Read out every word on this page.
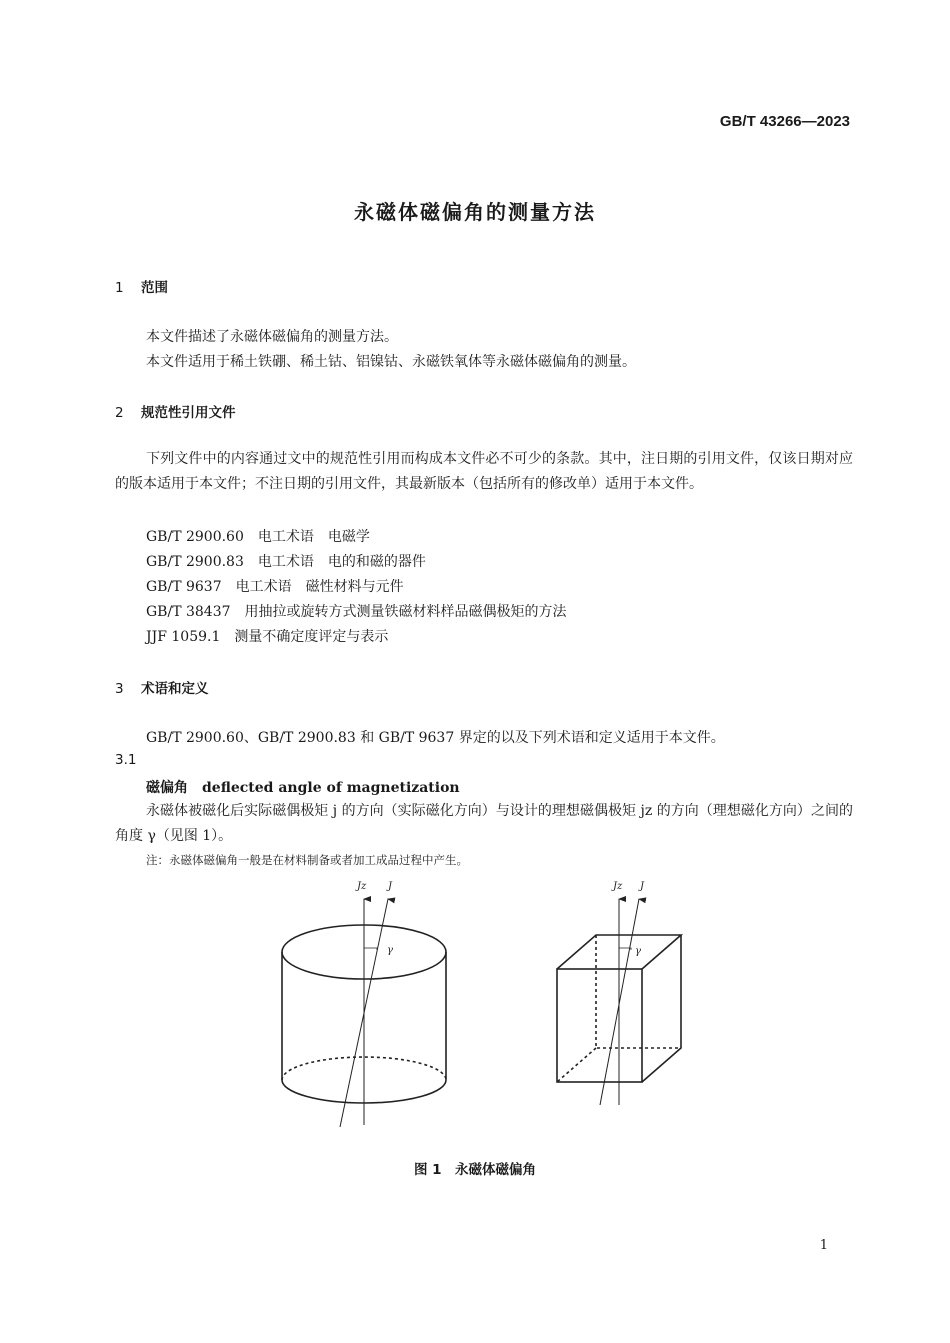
GB/T 43266—2023
永磁体磁偏角的测量方法
1 范围
本文件描述了永磁体磁偏角的测量方法。
本文件适用于稀土铁硼、稀土钴、铝镍钴、永磁铁氧体等永磁体磁偏角的测量。
2 规范性引用文件
下列文件中的内容通过文中的规范性引用而构成本文件必不可少的条款。其中，注日期的引用文件，仅该日期对应的版本适用于本文件；不注日期的引用文件，其最新版本（包括所有的修改单）适用于本文件。
GB/T 2900.60　 电工术语　电磁学
GB/T 2900.83　 电工术语　电的和磁的器件
GB/T 9637　 电工术语　磁性材料与元件
GB/T 38437　 用抽拉或旋转方式测量铁磁材料样品磁偶极矩的方法
JJF 1059.1　 测量不确定度评定与表示
3 术语和定义
GB/T 2900.60、GB/T 2900.83 和 GB/T 9637 界定的以及下列术语和定义适用于本文件。
3.1
磁偏角　 deflected angle of magnetization
永磁体被磁化后实际磁偶极矩 j 的方向（实际磁化方向）与设计的理想磁偶极矩 jz 的方向（理想磁化方向）之间的角度 γ（见图 1）。
注：永磁体磁偏角一般是在材料制备或者加工成品过程中产生。
Jz J
γ
Jz J
γ
图 1　永磁体磁偏角
1
